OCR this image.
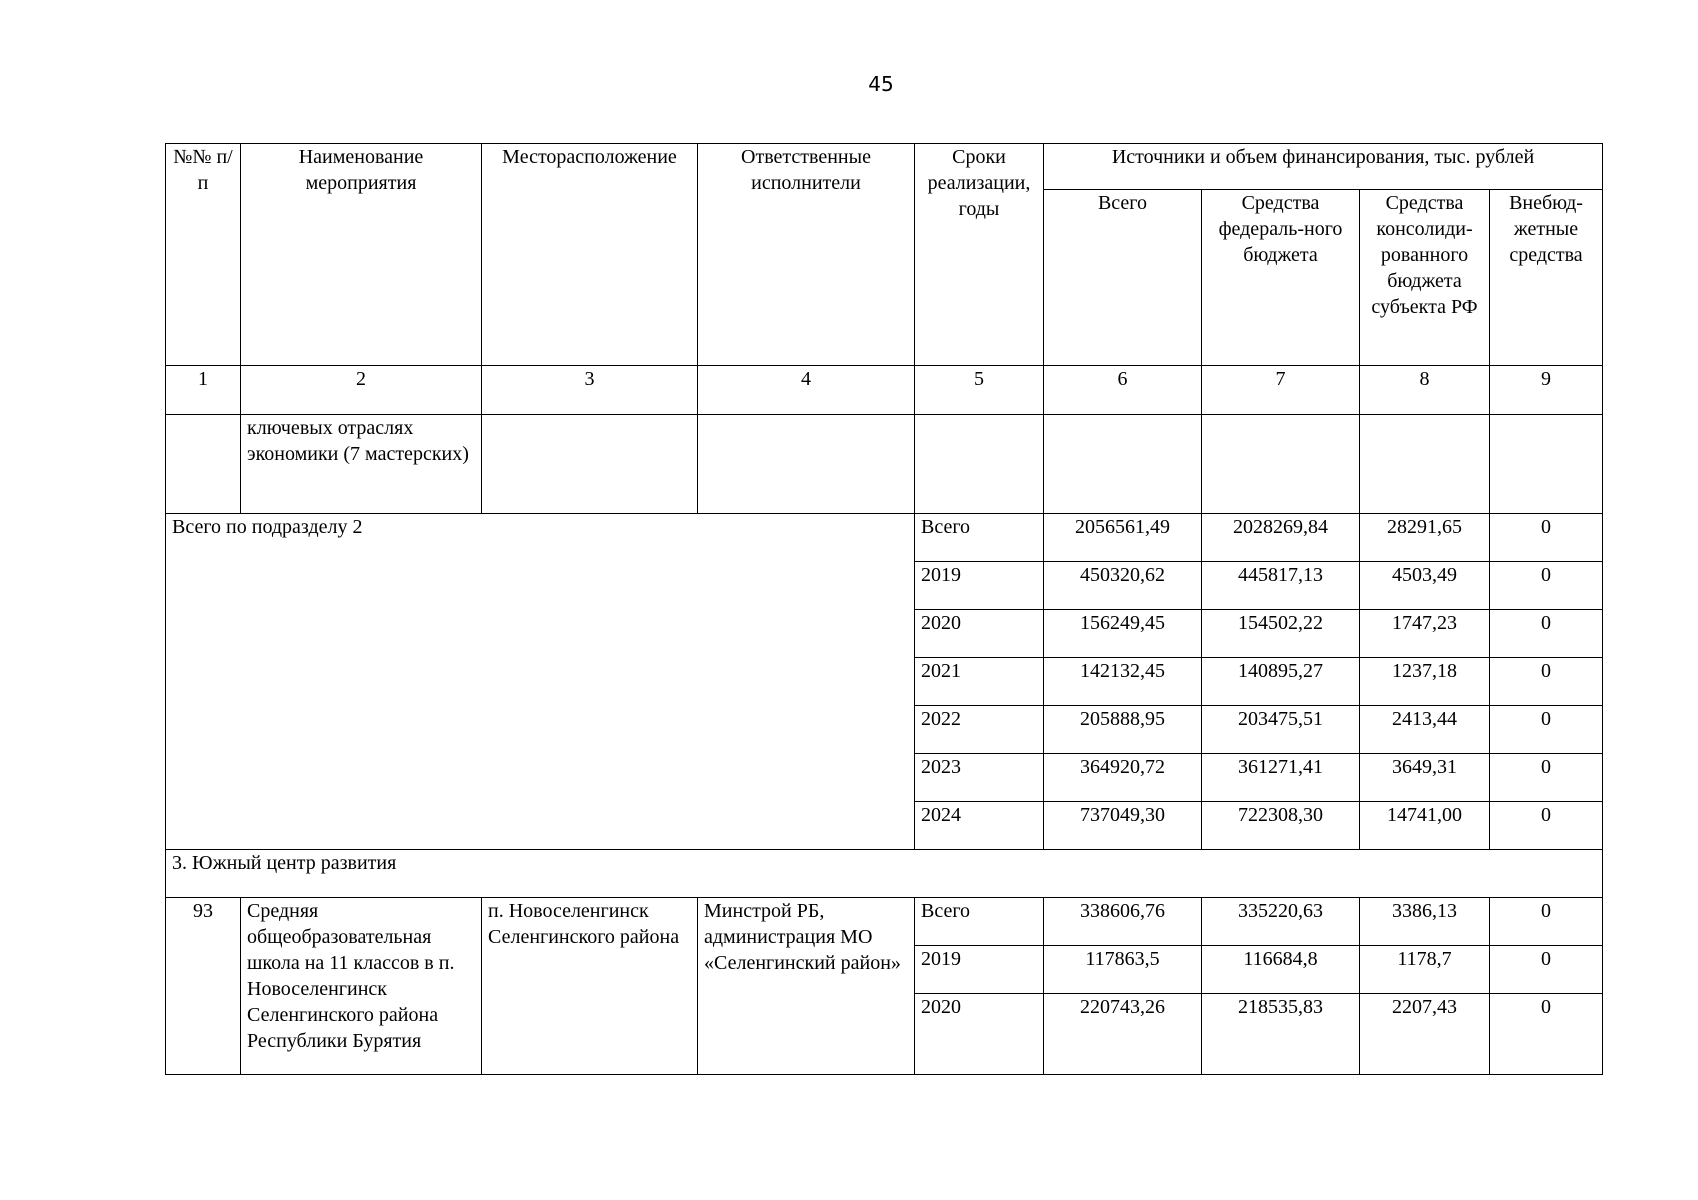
45
№№ п/п	Наименование мероприятия	Месторасположение	Ответственные исполнители	Сроки реализации, годы	Источники и объем финансирования, тыс. рублей			
					Всего	Средства федераль-ного бюджета	Средства консолиди-рованного бюджета субъекта РФ	Внебюд-жетные средства
1	2	3	4	5	6	7	8	9
	ключевых отраслях экономики (7 мастерских)							
Всего по подразделу 2				Всего	2056561,49	2028269,84	28291,65	0
				2019	450320,62	445817,13	4503,49	0
				2020	156249,45	154502,22	1747,23	0
				2021	142132,45	140895,27	1237,18	0
				2022	205888,95	203475,51	2413,44	0
				2023	364920,72	361271,41	3649,31	0
				2024	737049,30	722308,30	14741,00	0
3. Южный центр развития								
93	Средняя общеобразовательная школа на 11 классов в п. Новоселенгинск Селенгинского района Республики Бурятия	п. Новоселенгинск Селенгинского района	Минстрой РБ, администрация МО «Селенгинский район»	Всего	338606,76	335220,63	3386,13	0
				2019	117863,5	116684,8	1178,7	0
				2020	220743,26	218535,83	2207,43	0
